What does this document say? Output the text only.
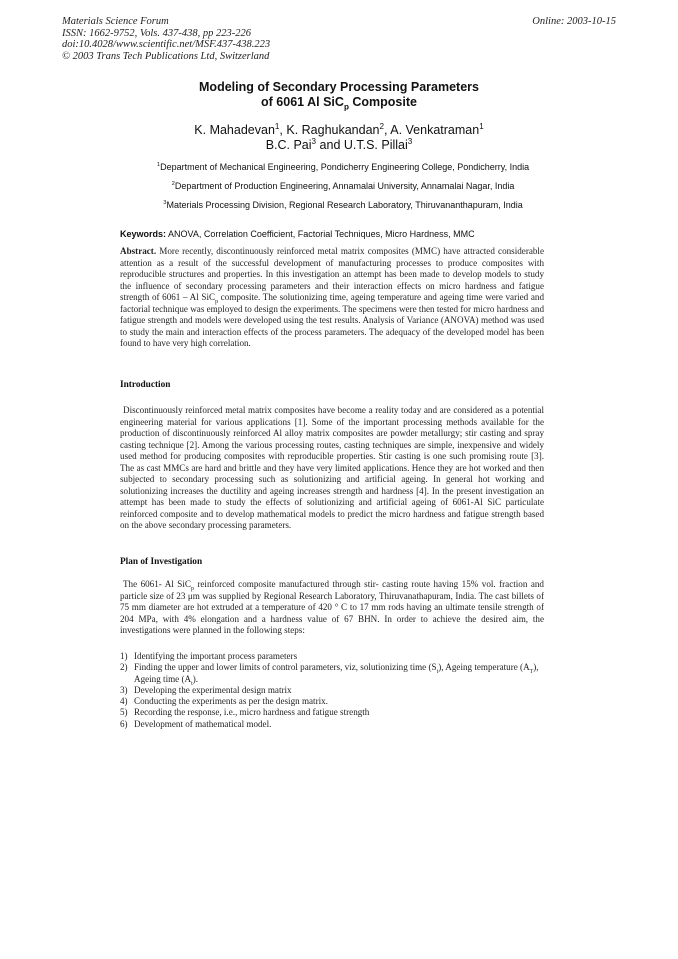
Materials Science Forum
ISSN: 1662-9752, Vols. 437-438, pp 223-226
doi:10.4028/www.scientific.net/MSF.437-438.223
© 2003 Trans Tech Publications Ltd, Switzerland
Online: 2003-10-15
Modeling of Secondary Processing Parameters
of 6061 Al SiC$_p$ Composite
K. Mahadevan$^1$, K. Raghukandan$^2$, A. Venkatraman$^1$
B.C. Pai$^3$ and U.T.S. Pillai$^3$
$^1$Department of Mechanical Engineering, Pondicherry Engineering College, Pondicherry, India
$^2$Department of Production Engineering, Annamalai University, Annamalai Nagar, India
$^3$Materials Processing Division, Regional Research Laboratory, Thiruvananthapuram, India
Keywords: ANOVA, Correlation Coefficient, Factorial Techniques, Micro Hardness, MMC
Abstract. More recently, discontinuously reinforced metal matrix composites (MMC) have attracted considerable attention as a result of the successful development of manufacturing processes to produce composites with reproducible structures and properties. In this investigation an attempt has been made to develop models to study the influence of secondary processing parameters and their interaction effects on micro hardness and fatigue strength of 6061 – Al SiC$_p$ composite. The solutionizing time, ageing temperature and ageing time were varied and factorial technique was employed to design the experiments. The specimens were then tested for micro hardness and fatigue strength and models were developed using the test results. Analysis of Variance (ANOVA) method was used to study the main and interaction effects of the process parameters. The adequacy of the developed model has been found to have very high correlation.
Introduction
Discontinuously reinforced metal matrix composites have become a reality today and are considered as a potential engineering material for various applications [1]. Some of the important processing methods available for the production of discontinuously reinforced Al alloy matrix composites are powder metallurgy; stir casting and spray casting technique [2]. Among the various processing routes, casting techniques are simple, inexpensive and widely used method for producing composites with reproducible properties. Stir casting is one such promising route [3]. The as cast MMCs are hard and brittle and they have very limited applications. Hence they are hot worked and then subjected to secondary processing such as solutionizing and artificial ageing. In general hot working and solutionizing increases the ductility and ageing increases strength and hardness [4]. In the present investigation an attempt has been made to study the effects of solutionizing and artificial ageing of 6061-Al SiC particulate reinforced composite and to develop mathematical models to predict the micro hardness and fatigue strength based on the above secondary processing parameters.
Plan of Investigation
The 6061- Al SiC$_p$ reinforced composite manufactured through stir- casting route having 15% vol. fraction and particle size of 23 μm was supplied by Regional Research Laboratory, Thiruvanathapuram, India. The cast billets of 75 mm diameter are hot extruded at a temperature of 420 ° C to 17 mm rods having an ultimate tensile strength of 204 MPa, with 4% elongation and a hardness value of 67 BHN. In order to achieve the desired aim, the investigations were planned in the following steps:
1) Identifying the important process parameters
2) Finding the upper and lower limits of control parameters, viz, solutionizing time $(S_t)$, Ageing temperature $(A_T)$, Ageing time $(A_t)$.
3) Developing the experimental design matrix
4) Conducting the experiments as per the design matrix.
5) Recording the response, i.e., micro hardness and fatigue strength
6) Development of mathematical model.
